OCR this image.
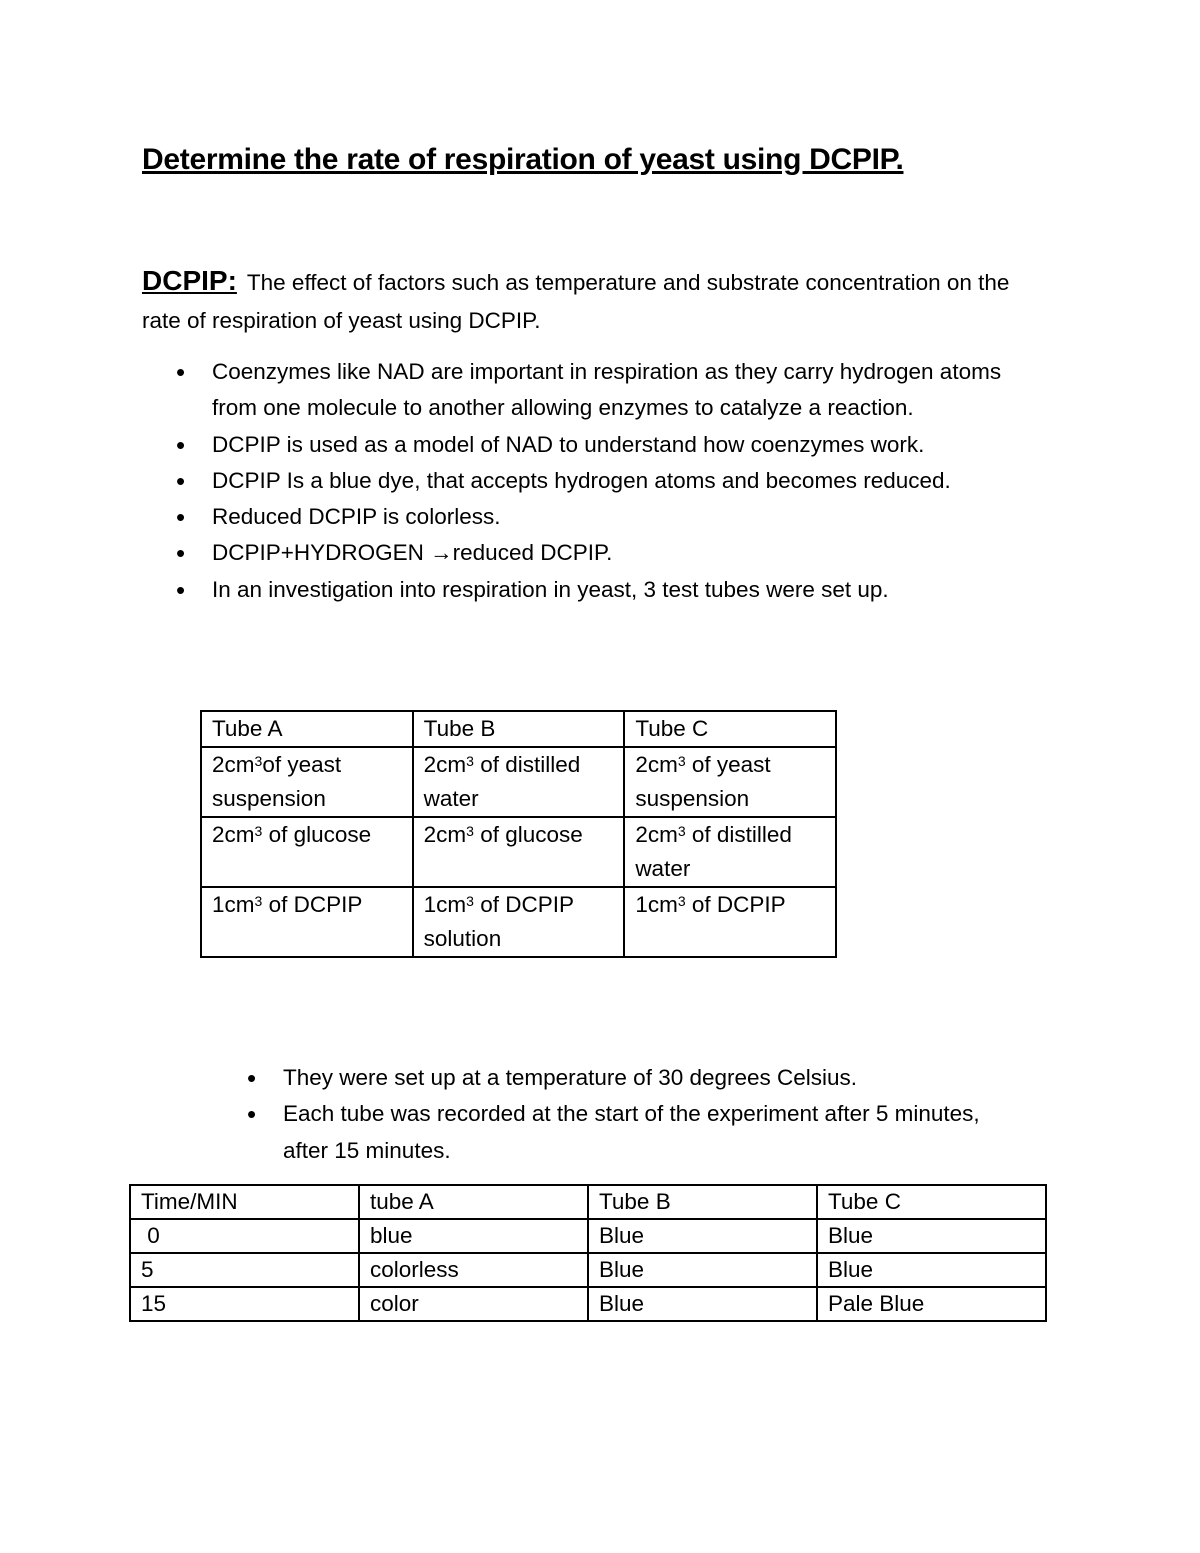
Determine the rate of respiration of yeast using DCPIP.

DCPIP: The effect of factors such as temperature and substrate concentration on the rate of respiration of yeast using DCPIP.

• Coenzymes like NAD are important in respiration as they carry hydrogen atoms from one molecule to another allowing enzymes to catalyze a reaction.
• DCPIP is used as a model of NAD to understand how coenzymes work.
• DCPIP Is a blue dye, that accepts hydrogen atoms and becomes reduced.
• Reduced DCPIP is colorless.
• DCPIP+HYDROGEN →reduced DCPIP.
• In an investigation into respiration in yeast, 3 test tubes were set up.
Tube A	Tube B	Tube C
$2cm^3of$ yeast suspension	$2cm^3$ of distilled water	$2cm^3$ of yeast suspension
$2cm^3$ of glucose	$2cm^3$ of glucose	$2cm^3$ of distilled water
$1cm^3$ of DCPIP	$1cm^3$ of DCPIP solution	$1cm^3$ of DCPIP
• They were set up at a temperature of 30 degrees Celsius.
• Each tube was recorded at the start of the experiment after 5 minutes, after 15 minutes.
Time/MIN	tube A	Tube B	Tube C
0	blue	Blue	Blue
5	colorless	Blue	Blue
15	color	Blue	Pale Blue
